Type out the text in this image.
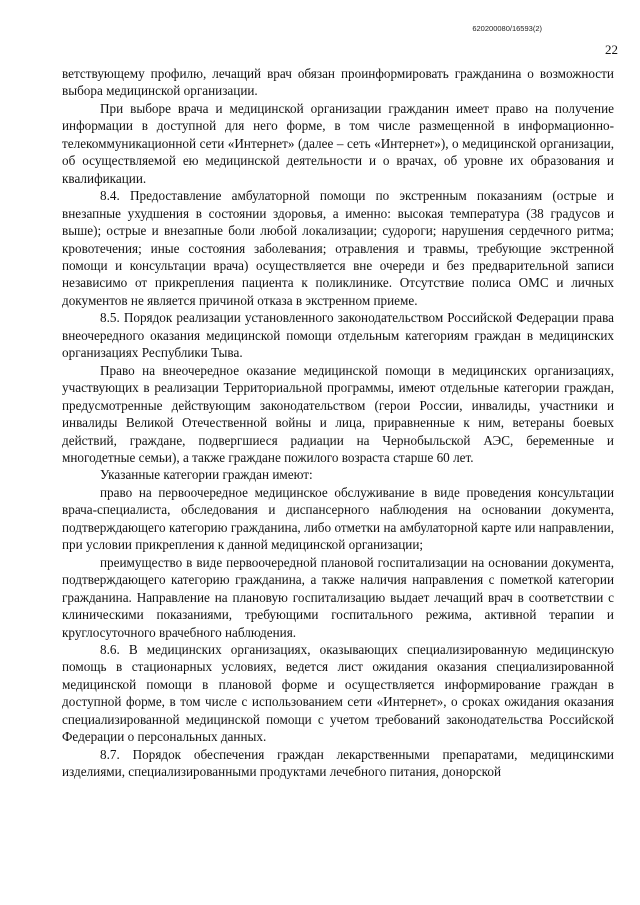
620200080/16593(2)
22

ветствующему профилю, лечащий врач обязан проинформировать гражданина о возможности выбора медицинской организации.

При выборе врача и медицинской организации гражданин имеет право на получение информации в доступной для него форме, в том числе размещенной в информационно-телекоммуникационной сети «Интернет» (далее – сеть «Интернет»), о медицинской организации, об осуществляемой ею медицинской деятельности и о врачах, об уровне их образования и квалификации.

8.4. Предоставление амбулаторной помощи по экстренным показаниям (острые и внезапные ухудшения в состоянии здоровья, а именно: высокая температура (38 градусов и выше); острые и внезапные боли любой локализации; судороги; нарушения сердечного ритма; кровотечения; иные состояния заболевания; отравления и травмы, требующие экстренной помощи и консультации врача) осуществляется вне очереди и без предварительной записи независимо от прикрепления пациента к поликлинике. Отсутствие полиса ОМС и личных документов не является причиной отказа в экстренном приеме.

8.5. Порядок реализации установленного законодательством Российской Федерации права внеочередного оказания медицинской помощи отдельным категориям граждан в медицинских организациях Республики Тыва.

Право на внеочередное оказание медицинской помощи в медицинских организациях, участвующих в реализации Территориальной программы, имеют отдельные категории граждан, предусмотренные действующим законодательством (герои России, инвалиды, участники и инвалиды Великой Отечественной войны и лица, приравненные к ним, ветераны боевых действий, граждане, подвергшиеся радиации на Чернобыльской АЭС, беременные и многодетные семьи), а также граждане пожилого возраста старше 60 лет.

Указанные категории граждан имеют:

право на первоочередное медицинское обслуживание в виде проведения консультации врача-специалиста, обследования и диспансерного наблюдения на основании документа, подтверждающего категорию гражданина, либо отметки на амбулаторной карте или направлении, при условии прикрепления к данной медицинской организации;

преимущество в виде первоочередной плановой госпитализации на основании документа, подтверждающего категорию гражданина, а также наличия направления с пометкой категории гражданина. Направление на плановую госпитализацию выдает лечащий врач в соответствии с клиническими показаниями, требующими госпитального режима, активной терапии и круглосуточного врачебного наблюдения.

8.6. В медицинских организациях, оказывающих специализированную медицинскую помощь в стационарных условиях, ведется лист ожидания оказания специализированной медицинской помощи в плановой форме и осуществляется информирование граждан в доступной форме, в том числе с использованием сети «Интернет», о сроках ожидания оказания специализированной медицинской помощи с учетом требований законодательства Российской Федерации о персональных данных.

8.7. Порядок обеспечения граждан лекарственными препаратами, медицинскими изделиями, специализированными продуктами лечебного питания, донорской
